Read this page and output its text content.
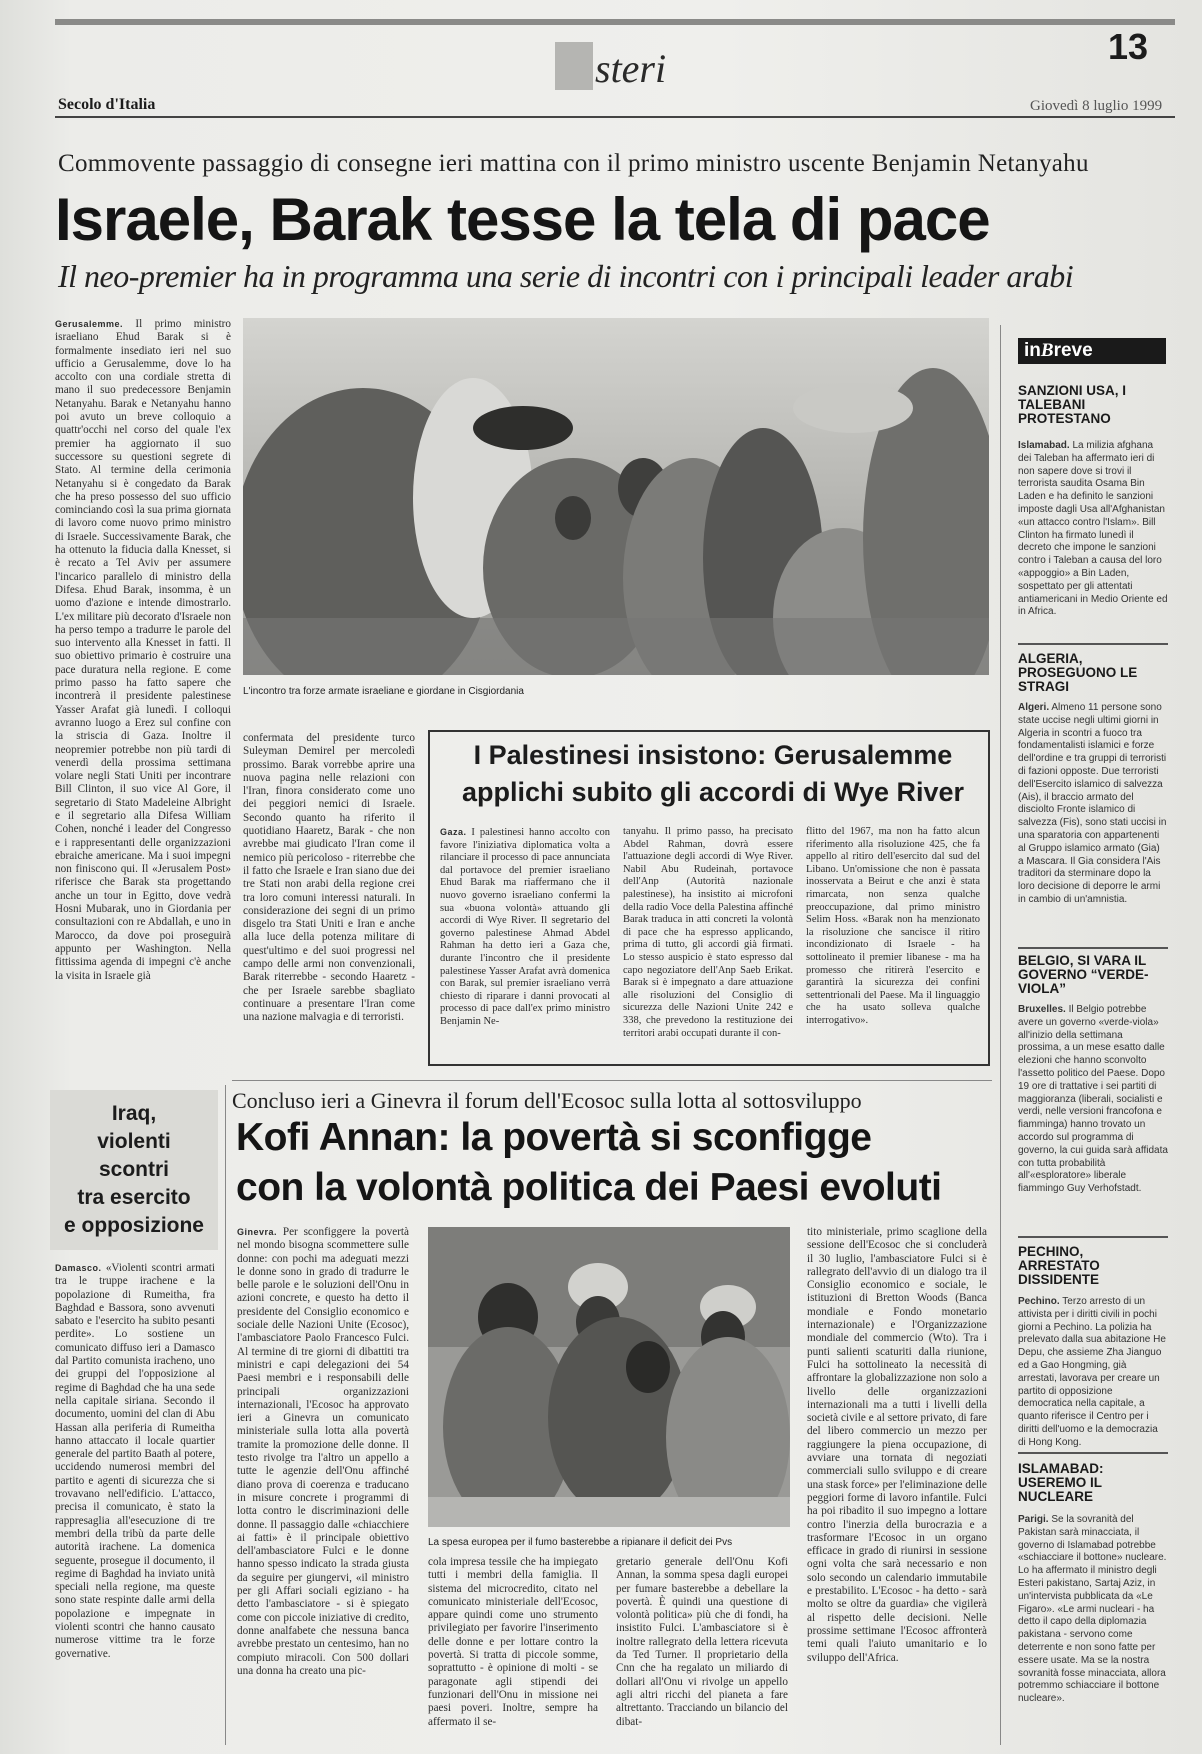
steri	13
Secolo d'Italia	Giovedì 8 luglio 1999
Commovente passaggio di consegne ieri mattina con il primo ministro uscente Benjamin Netanyahu
Israele, Barak tesse la tela di pace
Il neo-premier ha in programma una serie di incontri con i principali leader arabi
Gerusalemme. Il primo ministro israeliano Ehud Barak si è formalmente insediato ieri nel suo ufficio a Gerusalemme, dove lo ha accolto con una cordiale stretta di mano il suo predecessore Benjamin Netanyahu. Barak e Netanyahu hanno poi avuto un breve colloquio a quattr'occhi nel corso del quale l'ex premier ha aggiornato il suo successore su questioni segrete di Stato. Al termine della cerimonia Netanyahu si è congedato da Barak che ha preso possesso del suo ufficio cominciando così la sua prima giornata di lavoro come nuovo primo ministro di Israele. Successivamente Barak, che ha ottenuto la fiducia dalla Knesset, si è recato a Tel Aviv per assumere l'incarico parallelo di ministro della Difesa. Ehud Barak, insomma, è un uomo d'azione e intende dimostrarlo. L'ex militare più decorato d'Israele non ha perso tempo a tradurre le parole del suo intervento alla Knesset in fatti. Il suo obiettivo primario è costruire una pace duratura nella regione. E come primo passo ha fatto sapere che incontrerà il presidente palestinese Yasser Arafat già lunedì. I colloqui avranno luogo a Erez sul confine con la striscia di Gaza. Inoltre il neopremier potrebbe non più tardi di venerdì della prossima settimana volare negli Stati Uniti per incontrare Bill Clinton, il suo vice Al Gore, il segretario di Stato Madeleine Albright e il segretario alla Difesa William Cohen, nonché i leader del Congresso e i rappresentanti delle organizzazioni ebraiche americane. Ma i suoi impegni non finiscono qui. Il «Jerusalem Post» riferisce che Barak sta progettando anche un tour in Egitto, dove vedrà Hosni Mubarak, uno in Giordania per consultazioni con re Abdallah, e uno in Marocco, da dove poi proseguirà appunto per Washington. Nella fittissima agenda di impegni c'è anche la visita in Israele già
L'incontro tra forze armate israeliane e giordane in Cisgiordania
confermata del presidente turco Suleyman Demirel per mercoledì prossimo. Barak vorrebbe aprire una nuova pagina nelle relazioni con l'Iran, finora considerato come uno dei peggiori nemici di Israele. Secondo quanto ha riferito il quotidiano Haaretz, Barak - che non avrebbe mai giudicato l'Iran come il nemico più pericoloso - riterrebbe che il fatto che Israele e Iran siano due dei tre Stati non arabi della regione crei tra loro comuni interessi naturali. In considerazione dei segni di un primo disgelo tra Stati Uniti e Iran e anche alla luce della potenza militare di quest'ultimo e del suoi progressi nel campo delle armi non convenzionali, Barak riterrebbe - secondo Haaretz - che per Israele sarebbe sbagliato continuare a presentare l'Iran come una nazione malvagia e di terroristi.
I Palestinesi insistono: Gerusalemme
applichi subito gli accordi di Wye River
Gaza. I palestinesi hanno accolto con favore l'iniziativa diplomatica volta a rilanciare il processo di pace annunciata dal portavoce del premier israeliano Ehud Barak ma riaffermano che il nuovo governo israeliano confermi la sua «buona volontà» attuando gli accordi di Wye River. Il segretario del governo palestinese Ahmad Abdel Rahman ha detto ieri a Gaza che, durante l'incontro che il presidente palestinese Yasser Arafat avrà domenica con Barak, sul premier israeliano verrà chiesto di riparare i danni provocati al processo di pace dall'ex primo ministro Benjamin Ne-
tanyahu. Il primo passo, ha precisato Abdel Rahman, dovrà essere l'attuazione degli accordi di Wye River. Nabil Abu Rudeinah, portavoce dell'Anp (Autorità nazionale palestinese), ha insistito ai microfoni della radio Voce della Palestina affinché Barak traduca in atti concreti la volontà di pace che ha espresso applicando, prima di tutto, gli accordi già firmati. Lo stesso auspicio è stato espresso dal capo negoziatore dell'Anp Saeb Erikat. Barak si è impegnato a dare attuazione alle risoluzioni del Consiglio di sicurezza delle Nazioni Unite 242 e 338, che prevedono la restituzione dei territori arabi occupati durante il con-
flitto del 1967, ma non ha fatto alcun riferimento alla risoluzione 425, che fa appello al ritiro dell'esercito dal sud del Libano. Un'omissione che non è passata inosservata a Beirut e che anzi è stata rimarcata, non senza qualche preoccupazione, dal primo ministro Selim Hoss. «Barak non ha menzionato la risoluzione che sancisce il ritiro incondizionato di Israele - ha sottolineato il premier libanese - ma ha promesso che ritirerà l'esercito e garantirà la sicurezza dei confini settentrionali del Paese. Ma il linguaggio che ha usato solleva qualche interrogativo».
Iraq,
violenti
scontri
tra esercito
e opposizione
Damasco. «Violenti scontri armati tra le truppe irachene e la popolazione di Rumeitha, fra Baghdad e Bassora, sono avvenuti sabato e l'esercito ha subito pesanti perdite». Lo sostiene un comunicato diffuso ieri a Damasco dal Partito comunista iracheno, uno dei gruppi del l'opposizione al regime di Baghdad che ha una sede nella capitale siriana. Secondo il documento, uomini del clan di Abu Hassan alla periferia di Rumeitha hanno attaccato il locale quartier generale del partito Baath al potere, uccidendo numerosi membri del partito e agenti di sicurezza che si trovavano nell'edificio. L'attacco, precisa il comunicato, è stato la rappresaglia all'esecuzione di tre membri della tribù da parte delle autorità irachene. La domenica seguente, prosegue il documento, il regime di Baghdad ha inviato unità speciali nella regione, ma queste sono state respinte dalle armi della popolazione e impegnate in violenti scontri che hanno causato numerose vittime tra le forze governative.
Concluso ieri a Ginevra il forum dell'Ecosoc sulla lotta al sottosviluppo
Kofi Annan: la povertà si sconfigge
con la volontà politica dei Paesi evoluti
Ginevra. Per sconfiggere la povertà nel mondo bisogna scommettere sulle donne: con pochi ma adeguati mezzi le donne sono in grado di tradurre le belle parole e le soluzioni dell'Onu in azioni concrete, e questo ha detto il presidente del Consiglio economico e sociale delle Nazioni Unite (Ecosoc), l'ambasciatore Paolo Francesco Fulci. Al termine di tre giorni di dibattiti tra ministri e capi delegazioni dei 54 Paesi membri e i responsabili delle principali organizzazioni internazionali, l'Ecosoc ha approvato ieri a Ginevra un comunicato ministeriale sulla lotta alla povertà tramite la promozione delle donne. Il testo rivolge tra l'altro un appello a tutte le agenzie dell'Onu affinché diano prova di coerenza e traducano in misure concrete i programmi di lotta contro le discriminazioni delle donne. Il passaggio dalle «chiacchiere ai fatti» è il principale obiettivo dell'ambasciatore Fulci e le donne hanno spesso indicato la strada giusta da seguire per giungervi, «il ministro per gli Affari sociali egiziano - ha detto l'ambasciatore - si è spiegato come con piccole iniziative di credito, donne analfabete che nessuna banca avrebbe prestato un centesimo, han no compiuto miracoli. Con 500 dollari una donna ha creato una pic-
La spesa europea per il fumo basterebbe a ripianare il deficit dei Pvs
cola impresa tessile che ha impiegato tutti i membri della famiglia. Il sistema del microcredito, citato nel comunicato ministeriale dell'Ecosoc, appare quindi come uno strumento privilegiato per favorire l'inserimento delle donne e per lottare contro la povertà. Si tratta di piccole somme, soprattutto - è opinione di molti - se paragonate agli stipendi dei funzionari dell'Onu in missione nei paesi poveri. Inoltre, sempre ha affermato il se-
gretario generale dell'Onu Kofi Annan, la somma spesa dagli europei per fumare basterebbe a debellare la povertà. È quindi una questione di volontà politica» più che di fondi, ha insistito Fulci. L'ambasciatore si è inoltre rallegrato della lettera ricevuta da Ted Turner. Il proprietario della Cnn che ha regalato un miliardo di dollari all'Onu vi rivolge un appello agli altri ricchi del pianeta a fare altrettanto. Tracciando un bilancio del dibat-
tito ministeriale, primo scaglione della sessione dell'Ecosoc che si concluderà il 30 luglio, l'ambasciatore Fulci si è rallegrato dell'avvio di un dialogo tra il Consiglio economico e sociale, le istituzioni di Bretton Woods (Banca mondiale e Fondo monetario internazionale) e l'Organizzazione mondiale del commercio (Wto). Tra i punti salienti scaturiti dalla riunione, Fulci ha sottolineato la necessità di affrontare la globalizzazione non solo a livello delle organizzazioni internazionali ma a tutti i livelli della società civile e al settore privato, di fare del libero commercio un mezzo per raggiungere la piena occupazione, di avviare una tornata di negoziati commerciali sullo sviluppo e di creare una stask force» per l'eliminazione delle peggiori forme di lavoro infantile. Fulci ha poi ribadito il suo impegno a lottare contro l'inerzia della burocrazia e a trasformare l'Ecosoc in un organo efficace in grado di riunirsi in sessione ogni volta che sarà necessario e non solo secondo un calendario immutabile e prestabilito. L'Ecosoc - ha detto - sarà molto se oltre da guardia» che vigilerà al rispetto delle decisioni. Nelle prossime settimane l'Ecosoc affronterà temi quali l'aiuto umanitario e lo sviluppo dell'Africa.
inBreve
SANZIONI USA, I TALEBANI PROTESTANO
Islamabad. La milizia afghana dei Taleban ha affermato ieri di non sapere dove si trovi il terrorista saudita Osama Bin Laden e ha definito le sanzioni imposte dagli Usa all'Afghanistan «un attacco contro l'Islam». Bill Clinton ha firmato lunedì il decreto che impone le sanzioni contro i Taleban a causa del loro «appoggio» a Bin Laden, sospettato per gli attentati antiamericani in Medio Oriente ed in Africa.
ALGERIA, PROSEGUONO LE STRAGI
Algeri. Almeno 11 persone sono state uccise negli ultimi giorni in Algeria in scontri a fuoco tra fondamentalisti islamici e forze dell'ordine e tra gruppi di terroristi di fazioni opposte. Due terroristi dell'Esercito islamico di salvezza (Ais), il braccio armato del disciolto Fronte islamico di salvezza (Fis), sono stati uccisi in una sparatoria con appartenenti al Gruppo islamico armato (Gia) a Mascara. Il Gia considera l'Ais traditori da sterminare dopo la loro decisione di deporre le armi in cambio di un'amnistia.
BELGIO, SI VARA IL GOVERNO “VERDE-VIOLA”
Bruxelles. Il Belgio potrebbe avere un governo «verde-viola» all'inizio della settimana prossima, a un mese esatto dalle elezioni che hanno sconvolto l'assetto politico del Paese. Dopo 19 ore di trattative i sei partiti di maggioranza (liberali, socialisti e verdi, nelle versioni francofona e fiamminga) hanno trovato un accordo sul programma di governo, la cui guida sarà affidata con tutta probabilità all'«esploratore» liberale fiammingo Guy Verhofstadt.
PECHINO, ARRESTATO DISSIDENTE
Pechino. Terzo arresto di un attivista per i diritti civili in pochi giorni a Pechino. La polizia ha prelevato dalla sua abitazione He Depu, che assieme Zha Jianguo ed a Gao Hongming, già arrestati, lavorava per creare un partito di opposizione democratica nella capitale, a quanto riferisce il Centro per i diritti dell'uomo e la democrazia di Hong Kong.
ISLAMABAD: USEREMO IL NUCLEARE
Parigi. Se la sovranità del Pakistan sarà minacciata, il governo di Islamabad potrebbe «schiacciare il bottone» nucleare. Lo ha affermato il ministro degli Esteri pakistano, Sartaj Aziz, in un'intervista pubblicata da «Le Figaro». «Le armi nucleari - ha detto il capo della diplomazia pakistana - servono come deterrente e non sono fatte per essere usate. Ma se la nostra sovranità fosse minacciata, allora potremmo schiacciare il bottone nucleare».
